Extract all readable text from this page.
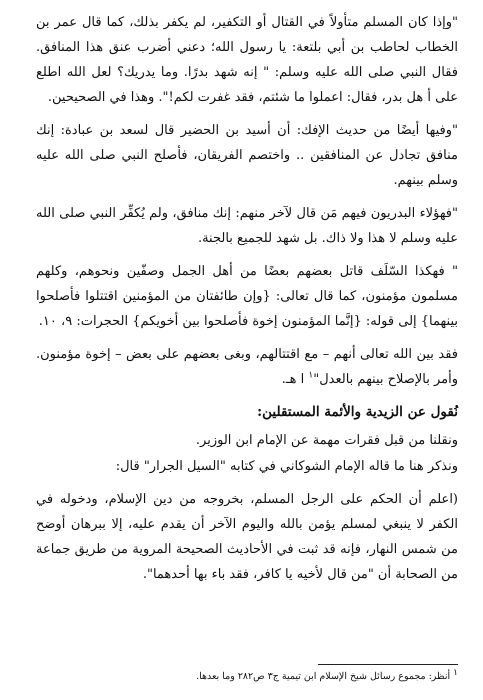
"وإذا كان المسلم متأولاً في القتال أو التكفير، لم يكفر بذلك، كما قال عمر بن الخطاب لحاطب بن أبي بلتعة: يا رسول الله؛ دعني أضرب عنق هذا المنافق. فقال النبي صلى الله عليه وسلم: " إنه شهد بدرًا. وما يدريك؟ لعل الله اطلع على أ هل بدر، فقال: اعملوا ما شئتم، فقد غفرت لكم!". وهذا في الصحيحين.

"وفيها أيضًا من حديث الإفك: أن أسيد بن الحضير قال لسعد بن عبادة: إنك منافق تجادل عن المنافقين .. واختصم الفريقان، فأصلح النبي صلى الله عليه وسلم بينهم.

"فهؤلاء البدريون فيهم مَن قال لآخر منهم: إنك منافق، ولم يُكفِّر النبي صلى الله عليه وسلم لا هذا ولا ذاك. بل شهد للجميع بالجنة.

" فهكذا السّلَف قاتل بعضهم بعضًا من أهل الجمل وصفّين ونحوهم، وكلهم مسلمون مؤمنون، كما قال تعالى: {وإن طائفتان من المؤمنين اقتتلوا فأصلحوا بينهما} إلى قوله: {إنَّما المؤمنون إخوة فأصلحوا بين أخويكم} الحجرات: ٩، ١٠.

فقد بين الله تعالى أنهم – مع اقتتالهم، وبغى بعضهم على بعض – إخوة مؤمنون. وأمر بالإصلاح بينهم بالعدل"$^١$ ا هـ.

نُقول عن الزيدية والأئمة المستقلين:

ونقلنا من قبل فقرات مهمة عن الإمام ابن الوزير.

ونذكر هنا ما قاله الإمام الشوكاني في كتابه "السيل الجرار" قال:

(اعلم أن الحكم على الرجل المسلم، بخروجه من دين الإسلام، ودخوله في الكفر لا ينبغي لمسلم يؤمن بالله واليوم الآخر أن يقدم عليه، إلا ببرهان أوضح من شمس النهار، فإنه قد ثبت في الأحاديث الصحيحة المروية من طريق جماعة من الصحابة أن "من قال لأخيه يا كافر، فقد باء بها أحدهما".

١ أنظر: مجموع رسائل شيخ الإسلام ابن تيمية ج٣ ص٢٨٢ وما بعدها.
